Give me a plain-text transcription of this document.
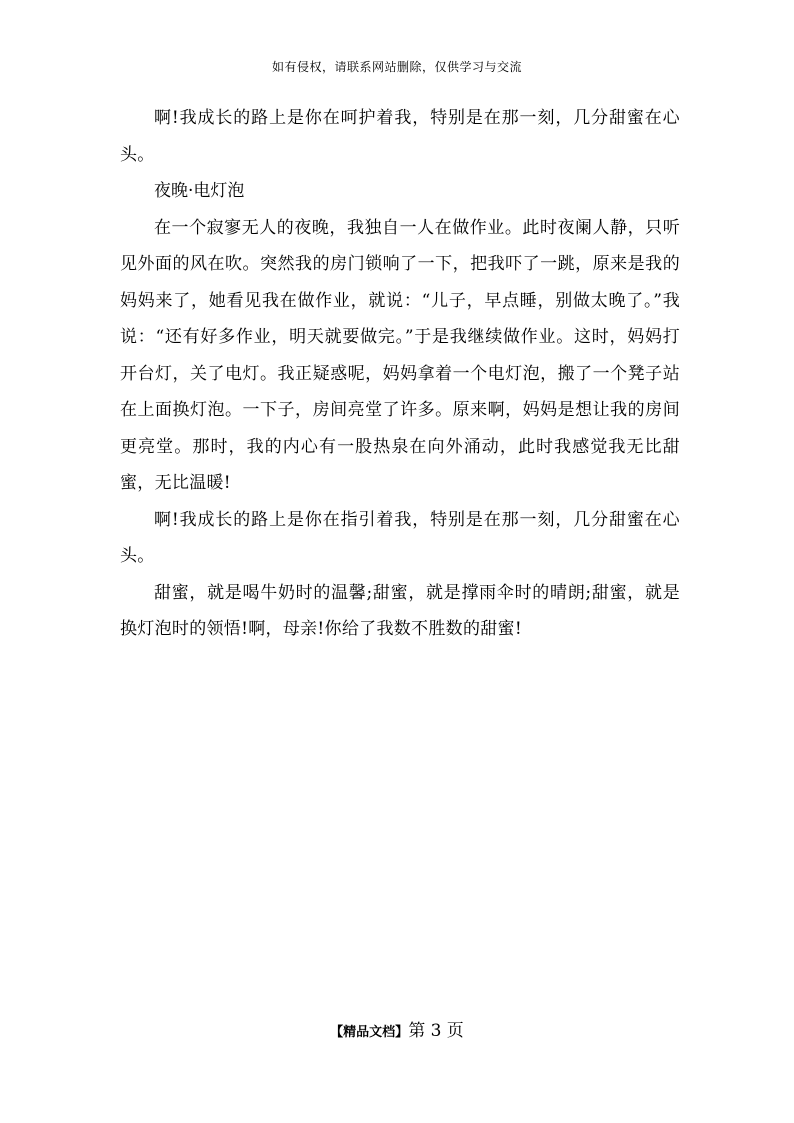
如有侵权，请联系网站删除，仅供学习与交流

啊!我成长的路上是你在呵护着我，特别是在那一刻，几分甜蜜在心头。

夜晚·电灯泡

在一个寂寥无人的夜晚，我独自一人在做作业。此时夜阑人静，只听见外面的风在吹。突然我的房门锁响了一下，把我吓了一跳，原来是我的妈妈来了，她看见我在做作业，就说：“儿子，早点睡，别做太晚了。”我说：“还有好多作业，明天就要做完。”于是我继续做作业。这时，妈妈打开台灯，关了电灯。我正疑惑呢，妈妈拿着一个电灯泡，搬了一个凳子站在上面换灯泡。一下子，房间亮堂了许多。原来啊，妈妈是想让我的房间更亮堂。那时，我的内心有一股热泉在向外涌动，此时我感觉我无比甜蜜，无比温暖!

啊!我成长的路上是你在指引着我，特别是在那一刻，几分甜蜜在心头。

甜蜜，就是喝牛奶时的温馨;甜蜜，就是撑雨伞时的晴朗;甜蜜，就是换灯泡时的领悟!啊，母亲!你给了我数不胜数的甜蜜!

【精品文档】第 3 页
